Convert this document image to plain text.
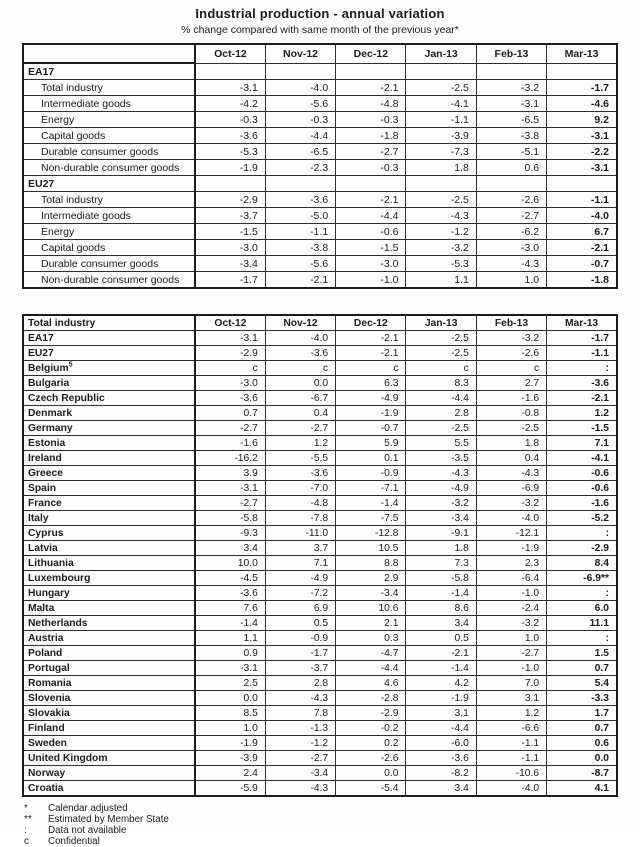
Industrial production - annual variation
% change compared with same month of the previous year*
	Oct-12	Nov-12	Dec-12	Jan-13	Feb-13	Mar-13
EA17						
Total industry	-3.1	-4.0	-2.1	-2.5	-3.2	-1.7
Intermediate goods	-4.2	-5.6	-4.8	-4.1	-3.1	-4.6
Energy	-0.3	-0.3	-0.3	-1.1	-6.5	9.2
Capital goods	-3.6	-4.4	-1.8	-3.9	-3.8	-3.1
Durable consumer goods	-5.3	-6.5	-2.7	-7.3	-5.1	-2.2
Non-durable consumer goods	-1.9	-2.3	-0.3	1.8	0.6	-3.1
EU27						
Total industry	-2.9	-3.6	-2.1	-2.5	-2.6	-1.1
Intermediate goods	-3.7	-5.0	-4.4	-4.3	-2.7	-4.0
Energy	-1.5	-1.1	-0.6	-1.2	-6.2	6.7
Capital goods	-3.0	-3.8	-1.5	-3.2	-3.0	-2.1
Durable consumer goods	-3.4	-5.6	-3.0	-5.3	-4.3	-0.7
Non-durable consumer goods	-1.7	-2.1	-1.0	1.1	1.0	-1.8
Total industry	Oct-12	Nov-12	Dec-12	Jan-13	Feb-13	Mar-13
EA17	-3.1	-4.0	-2.1	-2.5	-3.2	-1.7
EU27	-2.9	-3.6	-2.1	-2.5	-2.6	-1.1
Belgium$^5$	c	c	c	c	c	:
Bulgaria	-3.0	0.0	6.3	8.3	2.7	-3.6
Czech Republic	-3.6	-6.7	-4.9	-4.4	-1.6	-2.1
Denmark	0.7	0.4	-1.9	2.8	-0.8	1.2
Germany	-2.7	-2.7	-0.7	-2.5	-2.5	-1.5
Estonia	-1.6	1.2	5.9	5.5	1.8	7.1
Ireland	-16.2	-5.5	0.1	-3.5	0.4	-4.1
Greece	3.9	-3.6	-0.9	-4.3	-4.3	-0.6
Spain	-3.1	-7.0	-7.1	-4.9	-6.9	-0.6
France	-2.7	-4.8	-1.4	-3.2	-3.2	-1.6
Italy	-5.8	-7.8	-7.5	-3.4	-4.0	-5.2
Cyprus	-9.3	-11.0	-12.8	-9.1	-12.1	:
Latvia	3.4	3.7	10.5	1.8	-1.9	-2.9
Lithuania	10.0	7.1	8.8	7.3	2.3	8.4
Luxembourg	-4.5	-4.9	2.9	-5.8	-6.4	-6.9**
Hungary	-3.6	-7.2	-3.4	-1.4	-1.0	:
Malta	7.6	6.9	10.6	8.6	-2.4	6.0
Netherlands	-1.4	0.5	2.1	3.4	-3.2	11.1
Austria	1.1	-0.9	0.3	0.5	1.0	:
Poland	0.9	-1.7	-4.7	-2.1	-2.7	1.5
Portugal	-3.1	-3.7	-4.4	-1.4	-1.0	0.7
Romania	2.5	2.8	4.6	4.2	7.0	5.4
Slovenia	0.0	-4.3	-2.8	-1.9	3.1	-3.3
Slovakia	8.5	7.8	-2.9	3.1	1.2	1.7
Finland	1.0	-1.3	-0.2	-4.4	-6.6	0.7
Sweden	-1.9	-1.2	0.2	-6.0	-1.1	0.6
United Kingdom	-3.9	-2.7	-2.6	-3.6	-1.1	0.0
Norway	2.4	-3.4	0.0	-8.2	-10.6	-8.7
Croatia	-5.9	-4.3	-5.4	3.4	-4.0	4.1
*	Calendar adjusted
**	Estimated by Member State
:	Data not available
c	Confidential
